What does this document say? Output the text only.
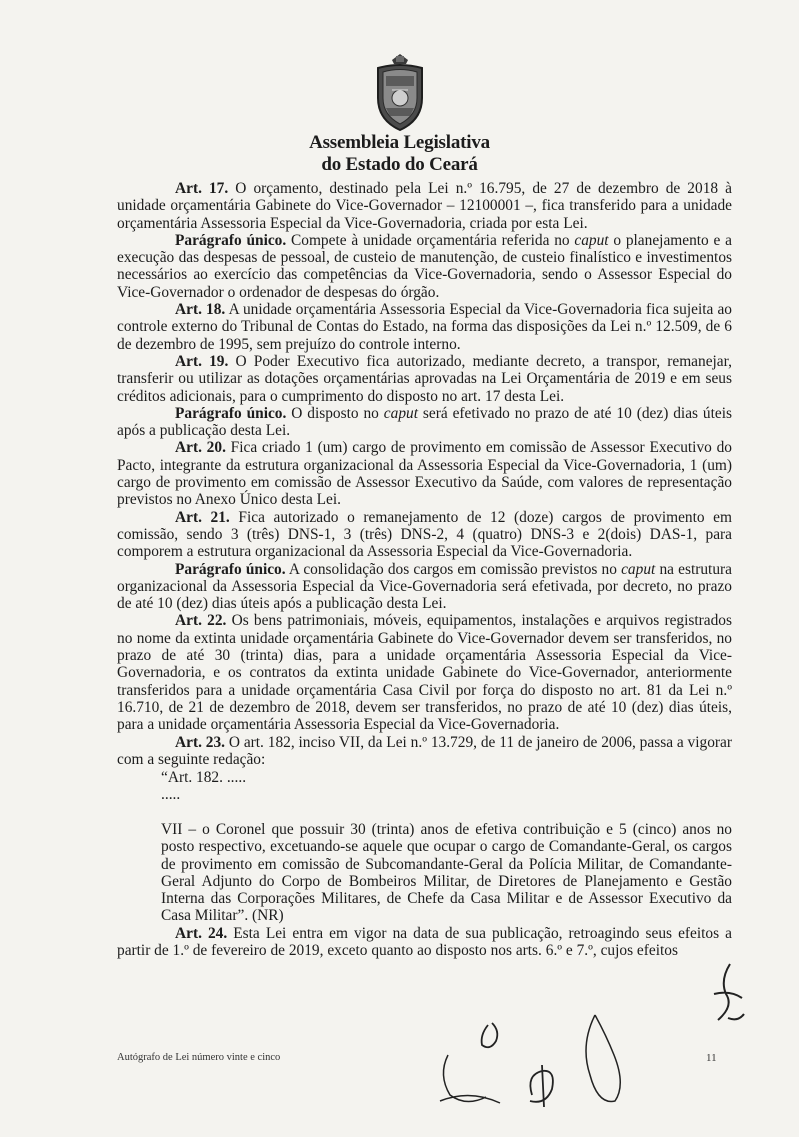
Assembleia Legislativa
do Estado do Ceará

Art. 17. O orçamento, destinado pela Lei n.º 16.795, de 27 de dezembro de 2018 à unidade orçamentária Gabinete do Vice-Governador – 12100001 –, fica transferido para a unidade orçamentária Assessoria Especial da Vice-Governadoria, criada por esta Lei.

Parágrafo único. Compete à unidade orçamentária referida no caput o planejamento e a execução das despesas de pessoal, de custeio de manutenção, de custeio finalístico e investimentos necessários ao exercício das competências da Vice-Governadoria, sendo o Assessor Especial do Vice-Governador o ordenador de despesas do órgão.

Art. 18. A unidade orçamentária Assessoria Especial da Vice-Governadoria fica sujeita ao controle externo do Tribunal de Contas do Estado, na forma das disposições da Lei n.º 12.509, de 6 de dezembro de 1995, sem prejuízo do controle interno.

Art. 19. O Poder Executivo fica autorizado, mediante decreto, a transpor, remanejar, transferir ou utilizar as dotações orçamentárias aprovadas na Lei Orçamentária de 2019 e em seus créditos adicionais, para o cumprimento do disposto no art. 17 desta Lei.

Parágrafo único. O disposto no caput será efetivado no prazo de até 10 (dez) dias úteis após a publicação desta Lei.

Art. 20. Fica criado 1 (um) cargo de provimento em comissão de Assessor Executivo do Pacto, integrante da estrutura organizacional da Assessoria Especial da Vice-Governadoria, 1 (um) cargo de provimento em comissão de Assessor Executivo da Saúde, com valores de representação previstos no Anexo Único desta Lei.

Art. 21. Fica autorizado o remanejamento de 12 (doze) cargos de provimento em comissão, sendo 3 (três) DNS-1, 3 (três) DNS-2, 4 (quatro) DNS-3 e 2(dois) DAS-1, para comporem a estrutura organizacional da Assessoria Especial da Vice-Governadoria.

Parágrafo único. A consolidação dos cargos em comissão previstos no caput na estrutura organizacional da Assessoria Especial da Vice-Governadoria será efetivada, por decreto, no prazo de até 10 (dez) dias úteis após a publicação desta Lei.

Art. 22. Os bens patrimoniais, móveis, equipamentos, instalações e arquivos registrados no nome da extinta unidade orçamentária Gabinete do Vice-Governador devem ser transferidos, no prazo de até 30 (trinta) dias, para a unidade orçamentária Assessoria Especial da Vice-Governadoria, e os contratos da extinta unidade Gabinete do Vice-Governador, anteriormente transferidos para a unidade orçamentária Casa Civil por força do disposto no art. 81 da Lei n.º 16.710, de 21 de dezembro de 2018, devem ser transferidos, no prazo de até 10 (dez) dias úteis, para a unidade orçamentária Assessoria Especial da Vice-Governadoria.

Art. 23. O art. 182, inciso VII, da Lei n.º 13.729, de 11 de janeiro de 2006, passa a vigorar com a seguinte redação:

“Art. 182. .....

.....

VII – o Coronel que possuir 30 (trinta) anos de efetiva contribuição e 5 (cinco) anos no posto respectivo, excetuando-se aquele que ocupar o cargo de Comandante-Geral, os cargos de provimento em comissão de Subcomandante-Geral da Polícia Militar, de Comandante-Geral Adjunto do Corpo de Bombeiros Militar, de Diretores de Planejamento e Gestão Interna das Corporações Militares, de Chefe da Casa Militar e de Assessor Executivo da Casa Militar”. (NR)

Art. 24. Esta Lei entra em vigor na data de sua publicação, retroagindo seus efeitos a partir de 1.º de fevereiro de 2019, exceto quanto ao disposto nos arts. 6.º e 7.º, cujos efeitos

Autógrafo de Lei número vinte e cinco	11
